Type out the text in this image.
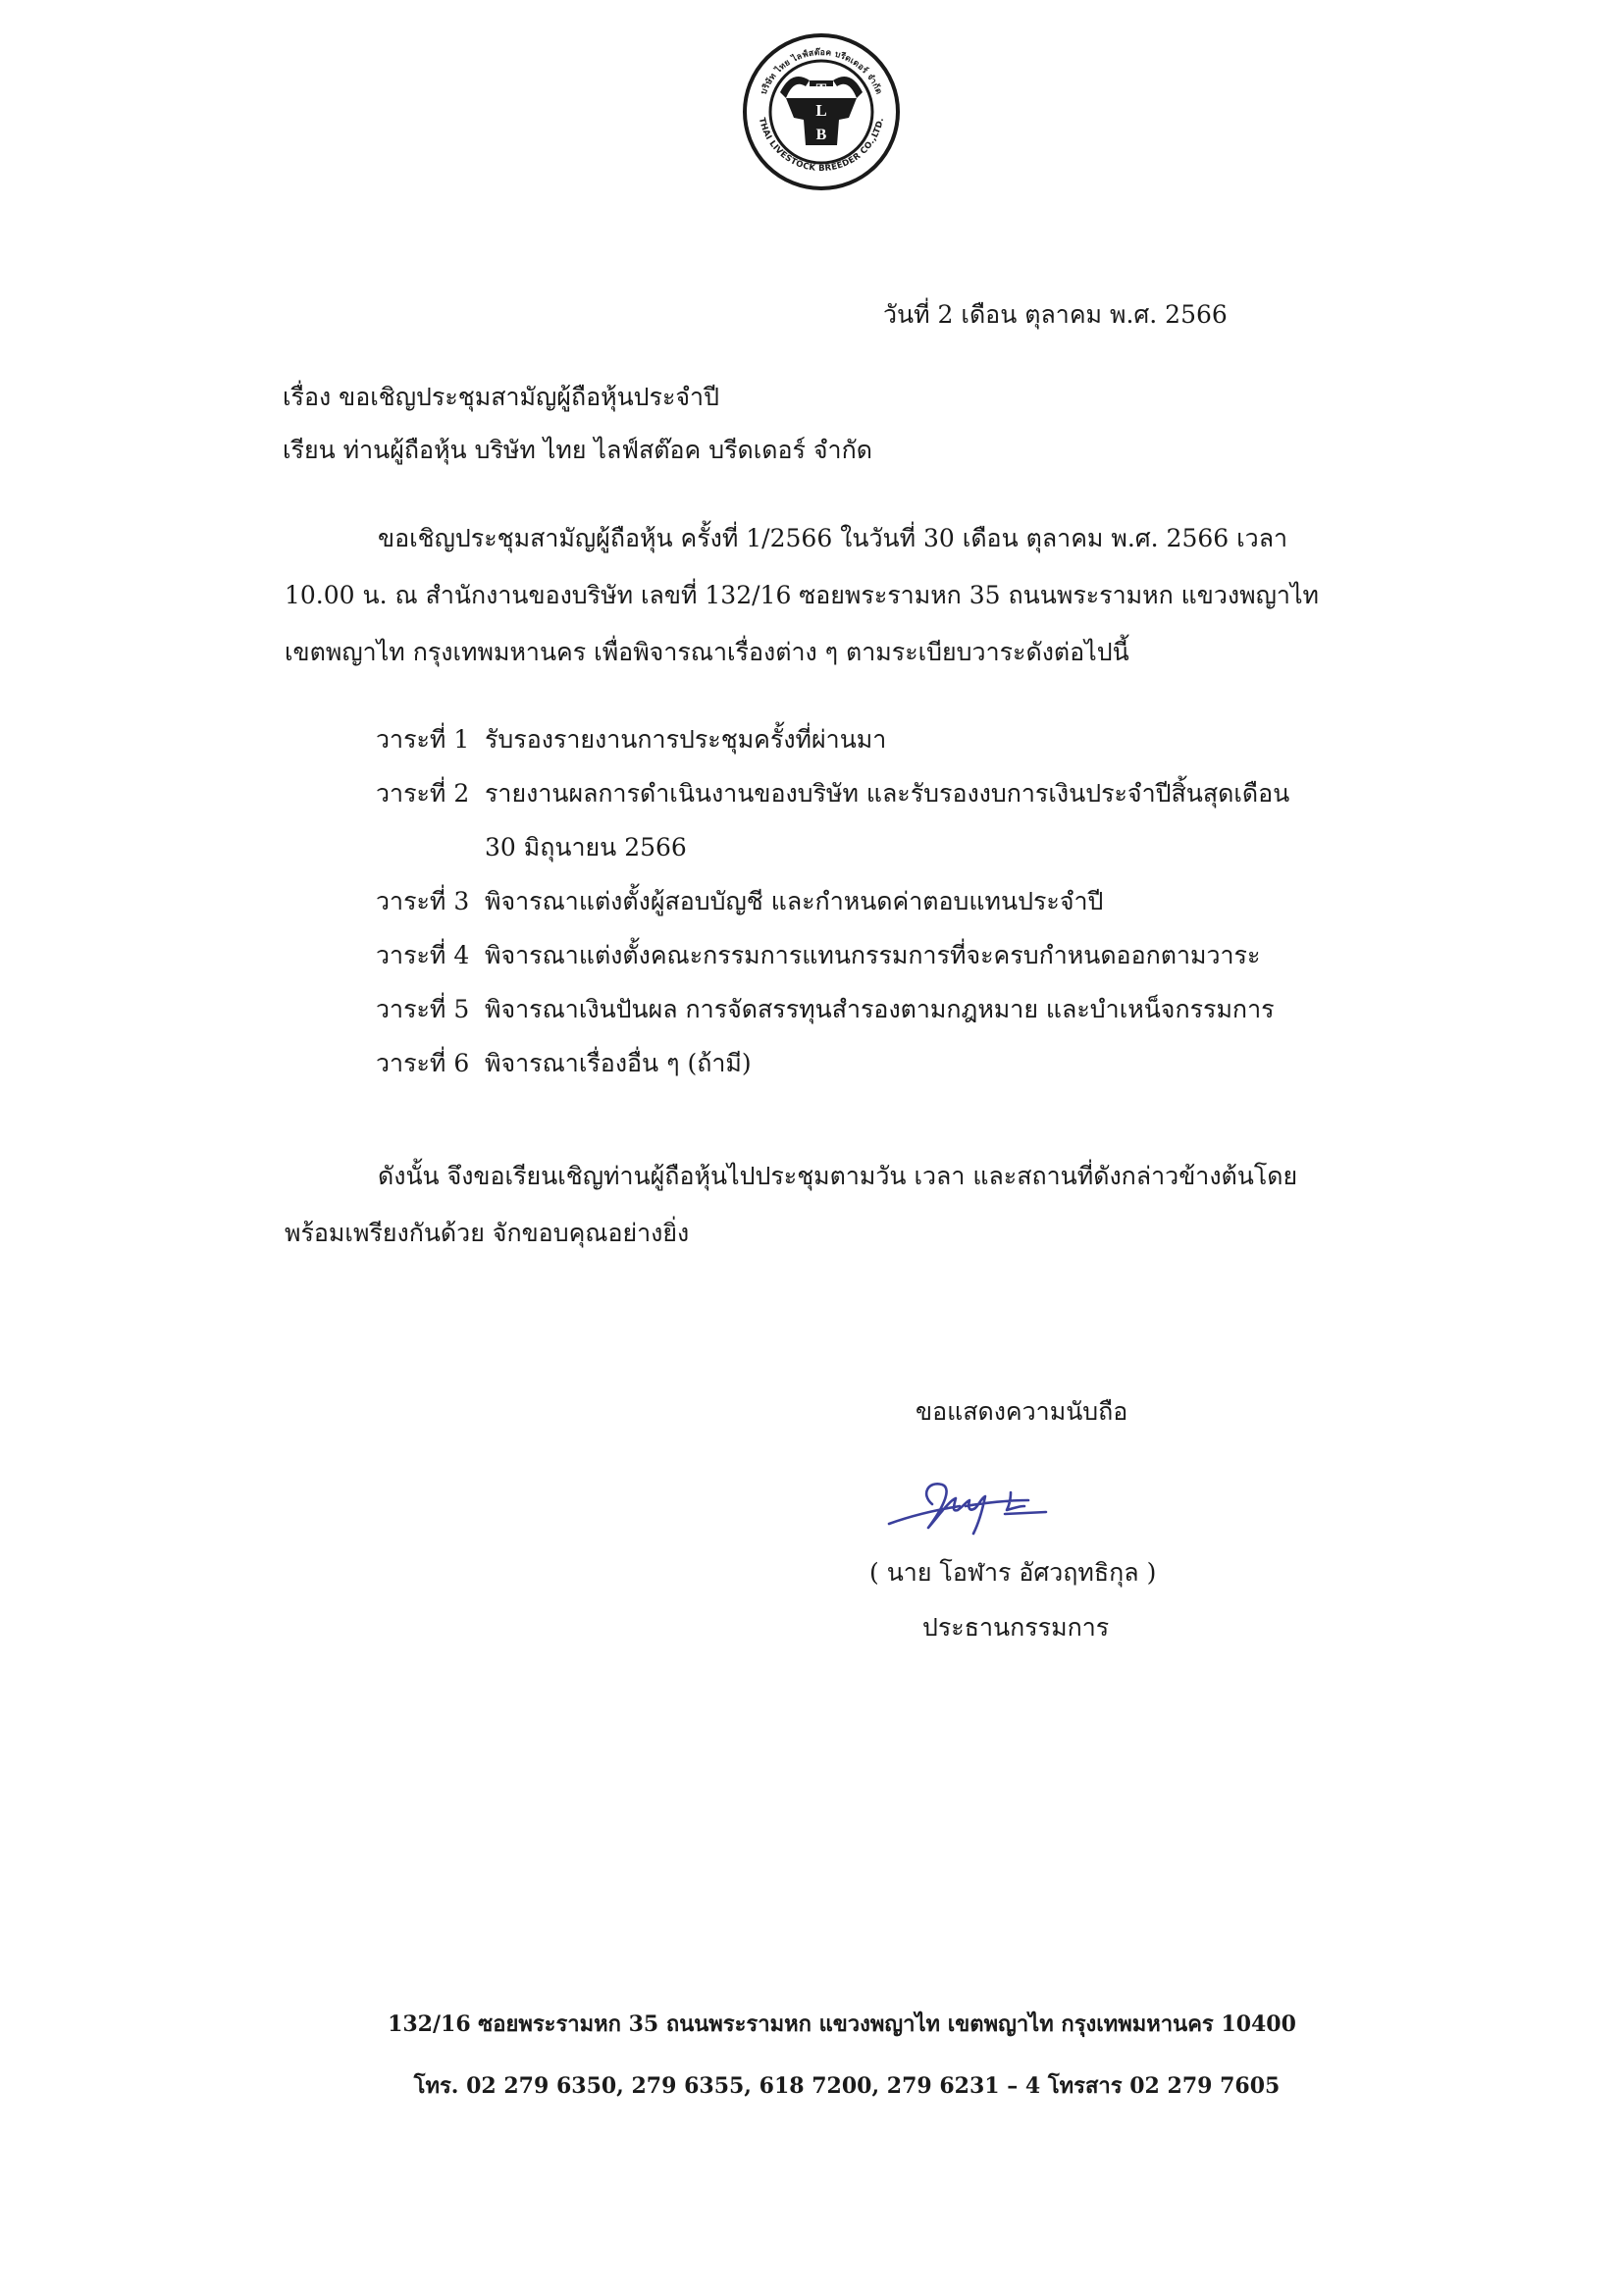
บริษัท ไทย ไลฟ์สต๊อค บรีดเดอร์ จำกัด
THAI LIVESTOCK BREEDER CO.,LTD.
T
L
B
วันที่ 2 เดือน ตุลาคม พ.ศ. 2566
เรื่อง ขอเชิญประชุมสามัญผู้ถือหุ้นประจำปี
เรียน ท่านผู้ถือหุ้น บริษัท ไทย ไลฟ์สต๊อค บรีดเดอร์ จำกัด
ขอเชิญประชุมสามัญผู้ถือหุ้น ครั้งที่ 1/2566 ในวันที่ 30 เดือน ตุลาคม พ.ศ. 2566 เวลา
10.00 น. ณ สำนักงานของบริษัท เลขที่ 132/16 ซอยพระรามหก 35 ถนนพระรามหก แขวงพญาไท
เขตพญาไท กรุงเทพมหานคร เพื่อพิจารณาเรื่องต่าง ๆ ตามระเบียบวาระดังต่อไปนี้
วาระที่ 1 รับรองรายงานการประชุมครั้งที่ผ่านมา
วาระที่ 2 รายงานผลการดำเนินงานของบริษัท และรับรองงบการเงินประจำปีสิ้นสุดเดือน
30 มิถุนายน 2566
วาระที่ 3 พิจารณาแต่งตั้งผู้สอบบัญชี และกำหนดค่าตอบแทนประจำปี
วาระที่ 4 พิจารณาแต่งตั้งคณะกรรมการแทนกรรมการที่จะครบกำหนดออกตามวาระ
วาระที่ 5 พิจารณาเงินปันผล การจัดสรรทุนสำรองตามกฎหมาย และบำเหน็จกรรมการ
วาระที่ 6 พิจารณาเรื่องอื่น ๆ (ถ้ามี)
ดังนั้น จึงขอเรียนเชิญท่านผู้ถือหุ้นไปประชุมตามวัน เวลา และสถานที่ดังกล่าวข้างต้นโดย
พร้อมเพรียงกันด้วย จักขอบคุณอย่างยิ่ง
ขอแสดงความนับถือ
( นาย โอฬาร อัศวฤทธิกุล )
ประธานกรรมการ
132/16 ซอยพระรามหก 35 ถนนพระรามหก แขวงพญาไท เขตพญาไท กรุงเทพมหานคร 10400
โทร. 02 279 6350, 279 6355, 618 7200, 279 6231 – 4 โทรสาร 02 279 7605
